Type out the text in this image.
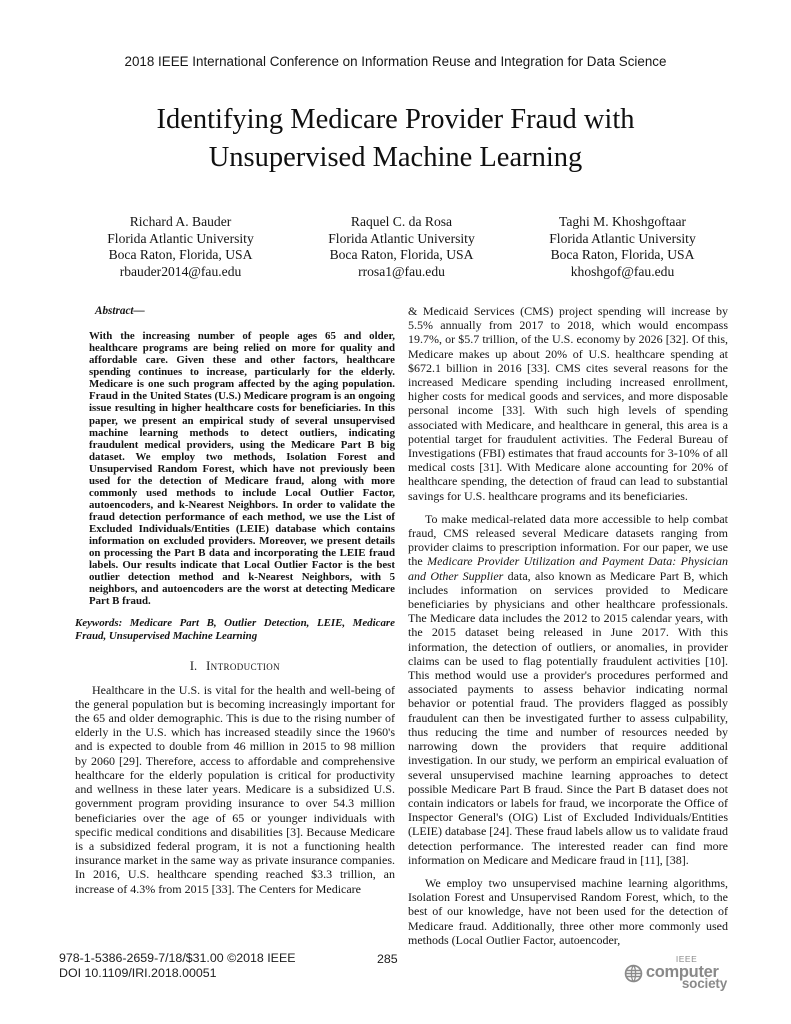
2018 IEEE International Conference on Information Reuse and Integration for Data Science
Identifying Medicare Provider Fraud with
Unsupervised Machine Learning
Richard A. Bauder
Florida Atlantic University
Boca Raton, Florida, USA
rbauder2014@fau.edu
Raquel C. da Rosa
Florida Atlantic University
Boca Raton, Florida, USA
rrosa1@fau.edu
Taghi M. Khoshgoftaar
Florida Atlantic University
Boca Raton, Florida, USA
khoshgof@fau.edu
Abstract—

With the increasing number of people ages 65 and older, healthcare programs are being relied on more for quality and affordable care. Given these and other factors, healthcare spending continues to increase, particularly for the elderly. Medicare is one such program affected by the aging population. Fraud in the United States (U.S.) Medicare program is an ongoing issue resulting in higher healthcare costs for beneficiaries. In this paper, we present an empirical study of several unsupervised machine learning methods to detect outliers, indicating fraudulent medical providers, using the Medicare Part B big dataset. We employ two methods, Isolation Forest and Unsupervised Random Forest, which have not previously been used for the detection of Medicare fraud, along with more commonly used methods to include Local Outlier Factor, autoencoders, and k-Nearest Neighbors. In order to validate the fraud detection performance of each method, we use the List of Excluded Individuals/Entities (LEIE) database which contains information on excluded providers. Moreover, we present details on processing the Part B data and incorporating the LEIE fraud labels. Our results indicate that Local Outlier Factor is the best outlier detection method and k-Nearest Neighbors, with 5 neighbors, and autoencoders are the worst at detecting Medicare Part B fraud.

Keywords: Medicare Part B, Outlier Detection, LEIE, Medicare Fraud, Unsupervised Machine Learning

I. Introduction

Healthcare in the U.S. is vital for the health and well-being of the general population but is becoming increasingly important for the 65 and older demographic. This is due to the rising number of elderly in the U.S. which has increased steadily since the 1960's and is expected to double from 46 million in 2015 to 98 million by 2060 [29]. Therefore, access to affordable and comprehensive healthcare for the elderly population is critical for productivity and wellness in these later years. Medicare is a subsidized U.S. government program providing insurance to over 54.3 million beneficiaries over the age of 65 or younger individuals with specific medical conditions and disabilities [3]. Because Medicare is a subsidized federal program, it is not a functioning health insurance market in the same way as private insurance companies. In 2016, U.S. healthcare spending reached $3.3 trillion, an increase of 4.3% from 2015 [33]. The Centers for Medicare

& Medicaid Services (CMS) project spending will increase by 5.5% annually from 2017 to 2018, which would encompass 19.7%, or $5.7 trillion, of the U.S. economy by 2026 [32]. Of this, Medicare makes up about 20% of U.S. healthcare spending at $672.1 billion in 2016 [33]. CMS cites several reasons for the increased Medicare spending including increased enrollment, higher costs for medical goods and services, and more disposable personal income [33]. With such high levels of spending associated with Medicare, and healthcare in general, this area is a potential target for fraudulent activities. The Federal Bureau of Investigations (FBI) estimates that fraud accounts for 3-10% of all medical costs [31]. With Medicare alone accounting for 20% of healthcare spending, the detection of fraud can lead to substantial savings for U.S. healthcare programs and its beneficiaries.

To make medical-related data more accessible to help combat fraud, CMS released several Medicare datasets ranging from provider claims to prescription information. For our paper, we use the Medicare Provider Utilization and Payment Data: Physician and Other Supplier data, also known as Medicare Part B, which includes information on services provided to Medicare beneficiaries by physicians and other healthcare professionals. The Medicare data includes the 2012 to 2015 calendar years, with the 2015 dataset being released in June 2017. With this information, the detection of outliers, or anomalies, in provider claims can be used to flag potentially fraudulent activities [10]. This method would use a provider's procedures performed and associated payments to assess behavior indicating normal behavior or potential fraud. The providers flagged as possibly fraudulent can then be investigated further to assess culpability, thus reducing the time and number of resources needed by narrowing down the providers that require additional investigation. In our study, we perform an empirical evaluation of several unsupervised machine learning approaches to detect possible Medicare Part B fraud. Since the Part B dataset does not contain indicators or labels for fraud, we incorporate the Office of Inspector General's (OIG) List of Excluded Individuals/Entities (LEIE) database [24]. These fraud labels allow us to validate fraud detection performance. The interested reader can find more information on Medicare and Medicare fraud in [11], [38].

We employ two unsupervised machine learning algorithms, Isolation Forest and Unsupervised Random Forest, which, to the best of our knowledge, have not been used for the detection of Medicare fraud. Additionally, three other more commonly used methods (Local Outlier Factor, autoencoder,

978-1-5386-2659-7/18/$31.00 ©2018 IEEE
DOI 10.1109/IRI.2018.00051
285	IEEE
computer
society
